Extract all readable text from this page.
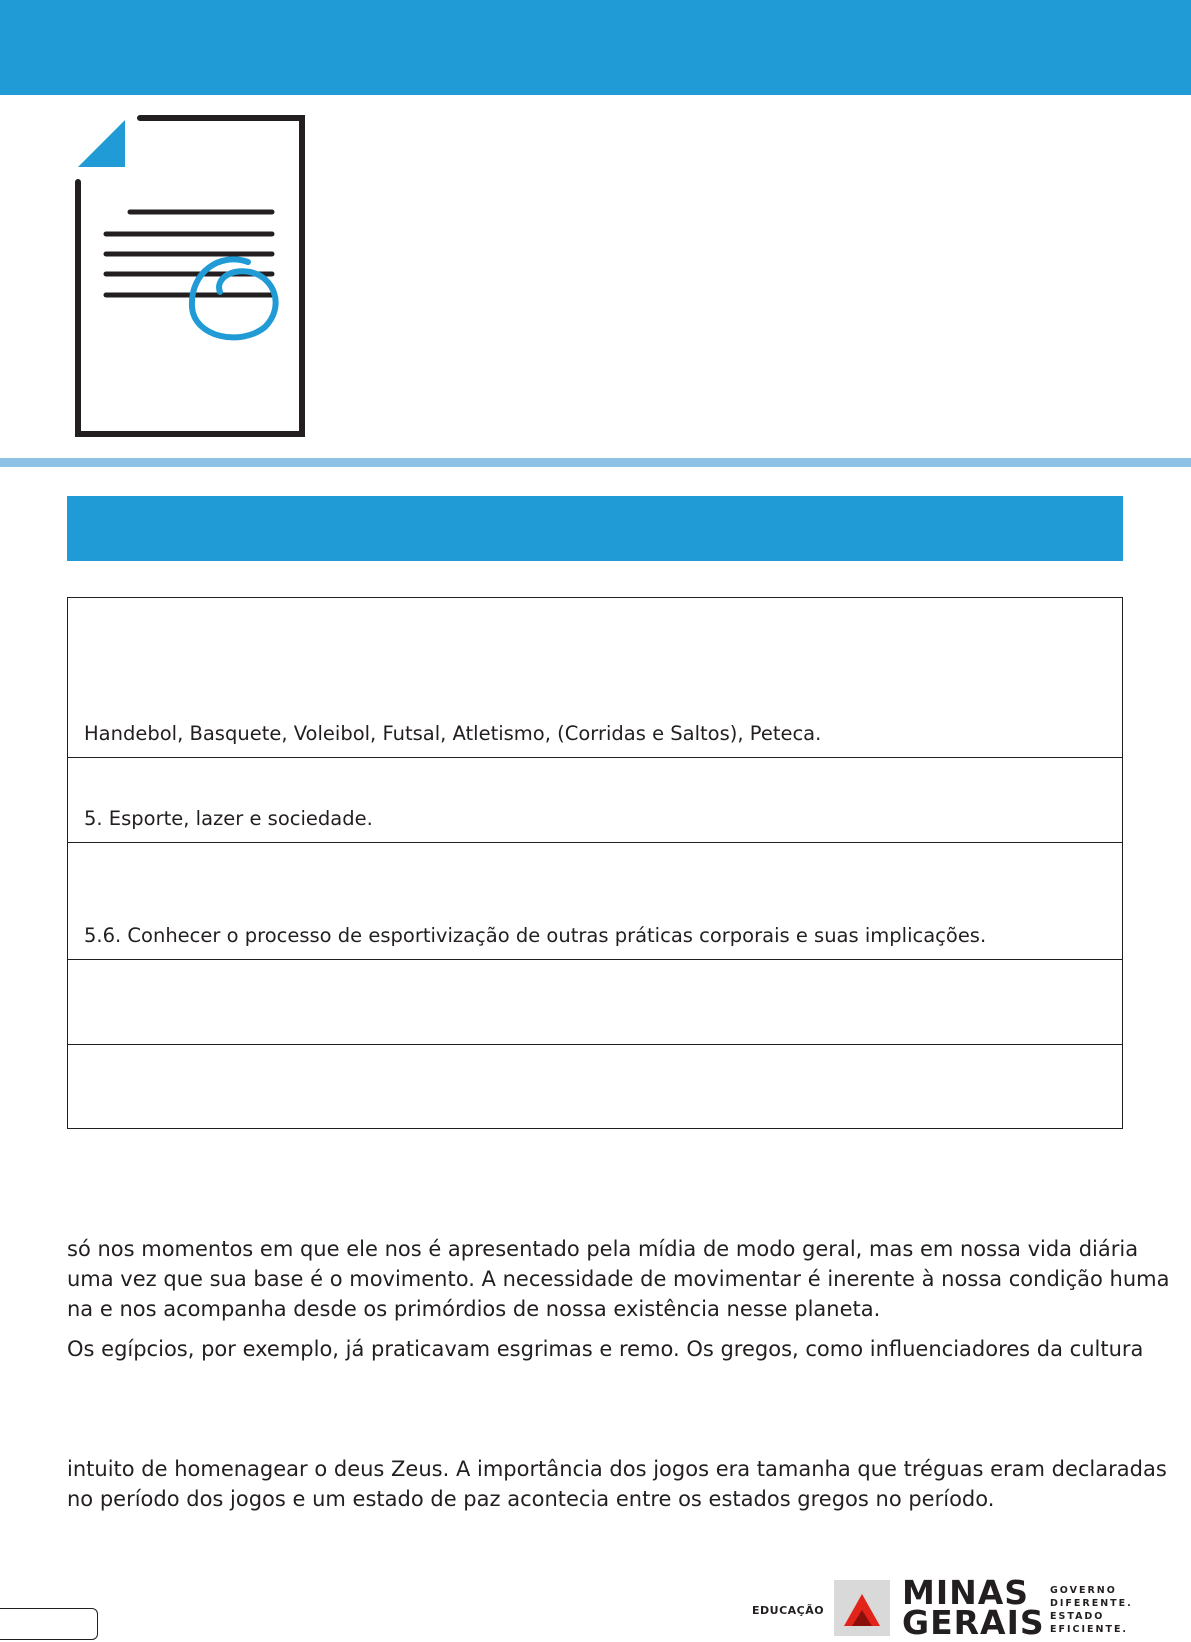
Handebol, Basquete, Voleibol, Futsal, Atletismo, (Corridas e Saltos), Peteca.
5. Esporte, lazer e sociedade.
5.6. Conhecer o processo de esportivização de outras práticas corporais e suas implicações.
só nos momentos em que ele nos é apresentado pela mídia de modo geral, mas em nossa vida diária
uma vez que sua base é o movimento. A necessidade de movimentar é inerente à nossa condição huma
na e nos acompanha desde os primórdios de nossa existência nesse planeta.
Os egípcios, por exemplo, já praticavam esgrimas e remo. Os gregos, como influenciadores da cultura
intuito de homenagear o deus Zeus. A importância dos jogos era tamanha que tréguas eram declaradas
no período dos jogos e um estado de paz acontecia entre os estados gregos no período.
EDUCAÇÃO MINAS
GERAIS
GOVERNO
DIFERENTE.
ESTADO
EFICIENTE.
